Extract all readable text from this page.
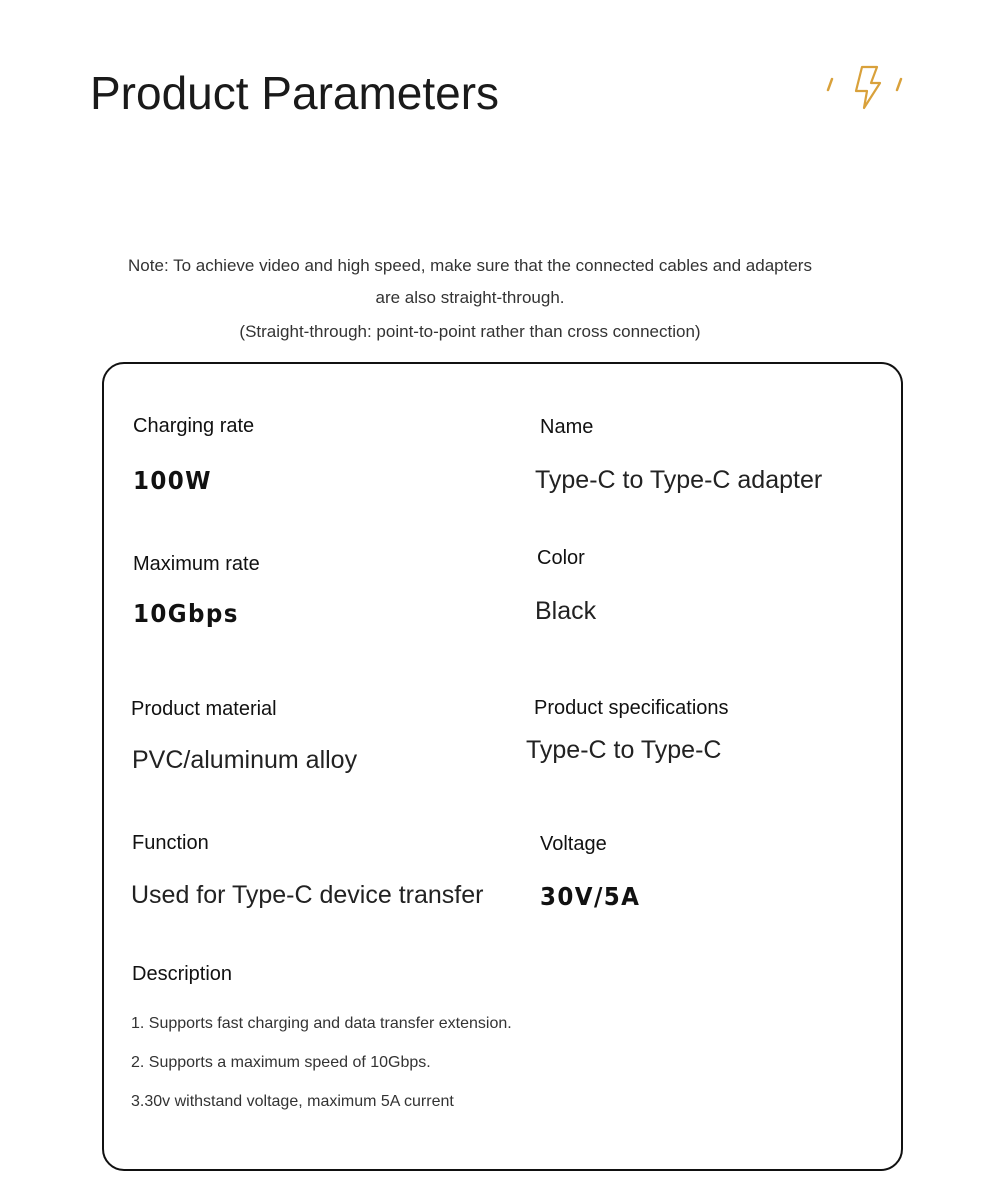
Product Parameters
Note: To achieve video and high speed, make sure that the connected cables and adapters
are also straight-through.
(Straight-through: point-to-point rather than cross connection)
Charging rate
100W
Name
Type-C to Type-C adapter
Maximum rate
10Gbps
Color
Black
Product material
PVC/aluminum alloy
Product specifications
Type-C to Type-C
Function
Used for Type-C device transfer
Voltage
30V/5A
Description
1. Supports fast charging and data transfer extension.
2. Supports a maximum speed of 10Gbps.
3.30v withstand voltage, maximum 5A current
